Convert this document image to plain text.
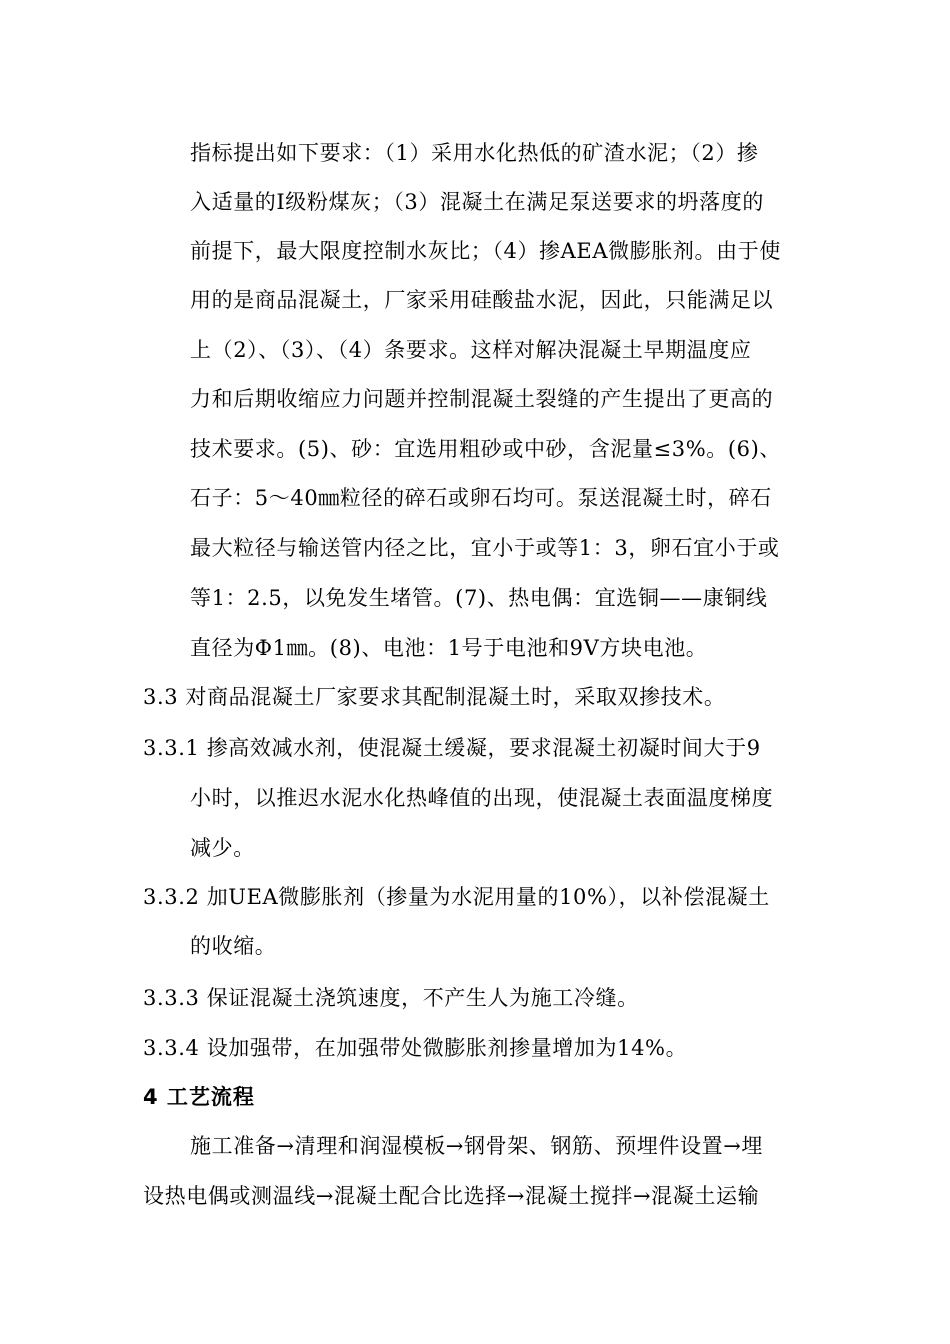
指标提出如下要求：（1）采用水化热低的矿渣水泥；（2）掺
入适量的Ⅰ级粉煤灰；（3）混凝土在满足泵送要求的坍落度的
前提下，最大限度控制水灰比；（4）掺AEA微膨胀剂。由于使
用的是商品混凝土，厂家采用硅酸盐水泥，因此，只能满足以
上（2）、（3）、（4）条要求。这样对解决混凝土早期温度应
力和后期收缩应力问题并控制混凝土裂缝的产生提出了更高的
技术要求。(5)、砂：宜选用粗砂或中砂，含泥量≤3%。(6)、
石子：5～40㎜粒径的碎石或卵石均可。泵送混凝土时，碎石
最大粒径与输送管内径之比，宜小于或等1：3，卵石宜小于或
等1：2.5，以免发生堵管。(7)、热电偶：宜选铜——康铜线
直径为Φ1㎜。(8)、电池：1号于电池和9V方块电池。
3.3 对商品混凝土厂家要求其配制混凝土时，采取双掺技术。
3.3.1 掺高效减水剂，使混凝土缓凝，要求混凝土初凝时间大于9
小时，以推迟水泥水化热峰值的出现，使混凝土表面温度梯度
减少。
3.3.2 加UEA微膨胀剂（掺量为水泥用量的10%），以补偿混凝土
的收缩。
3.3.3 保证混凝土浇筑速度，不产生人为施工冷缝。
3.3.4 设加强带，在加强带处微膨胀剂掺量增加为14%。
4 工艺流程
施工准备→清理和润湿模板→钢骨架、钢筋、预埋件设置→埋
设热电偶或测温线→混凝土配合比选择→混凝土搅拌→混凝土运输
